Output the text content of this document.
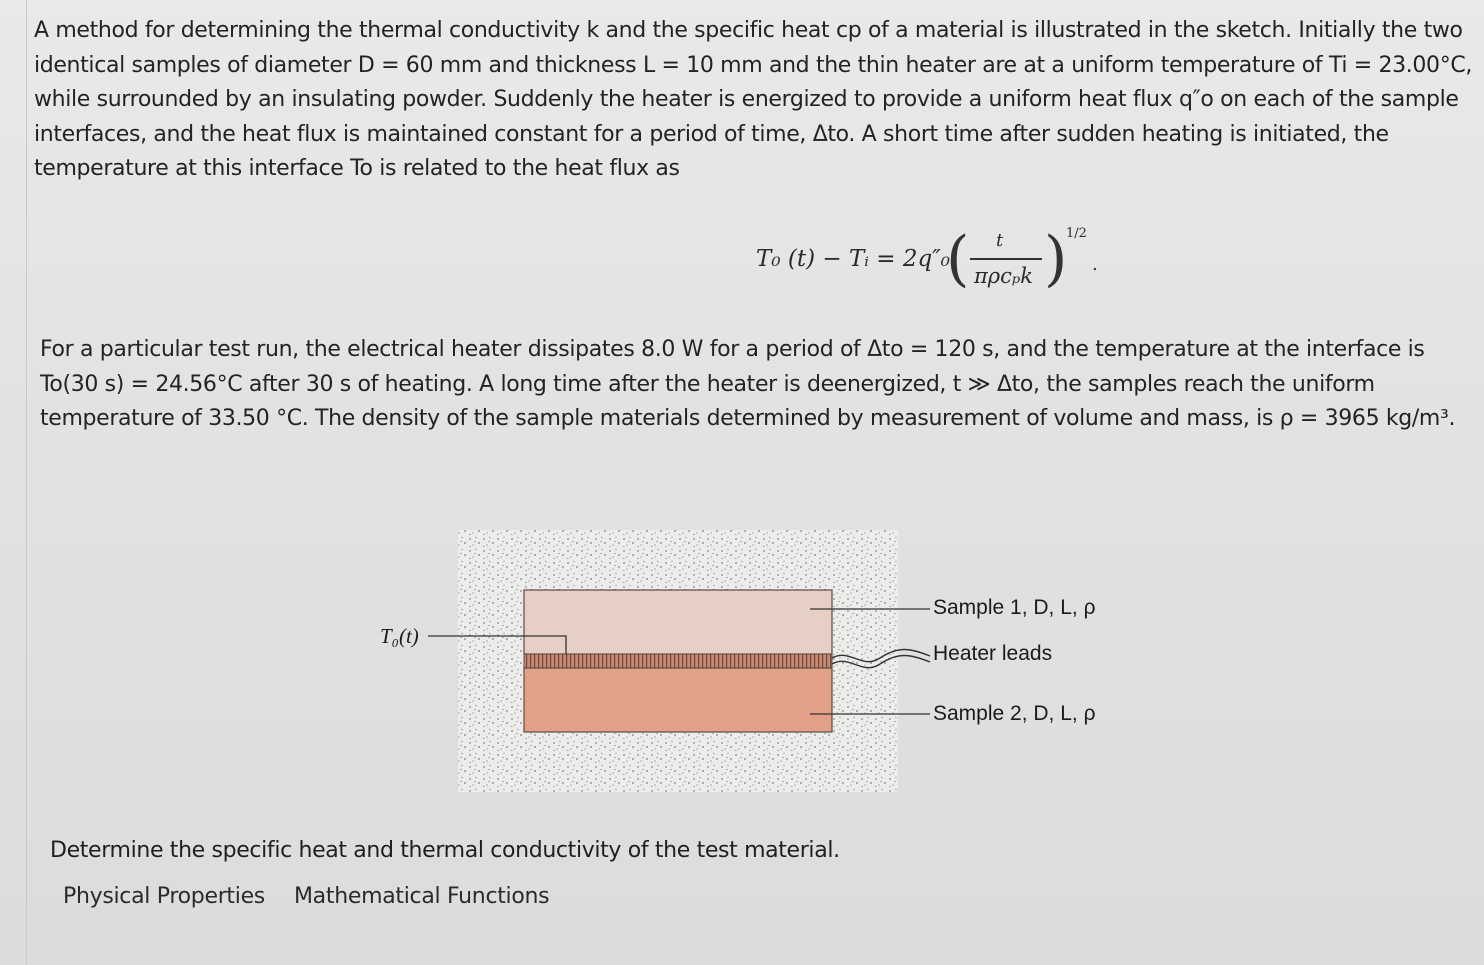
A method for determining the thermal conductivity k and the specific heat cp of a material is illustrated in the sketch. Initially the two identical samples of diameter D = 60 mm and thickness L = 10 mm and the thin heater are at a uniform temperature of Ti = 23.00°C, while surrounded by an insulating powder. Suddenly the heater is energized to provide a uniform heat flux q″o on each of the sample interfaces, and the heat flux is maintained constant for a period of time, Δto. A short time after sudden heating is initiated, the temperature at this interface To is related to the heat flux as

T₀ (t) − Tᵢ = 2q″₀
( t
πρcₚk )
1/2
.

For a particular test run, the electrical heater dissipates 8.0 W for a period of Δto = 120 s, and the temperature at the interface is To(30 s) = 24.56°C after 30 s of heating. A long time after the heater is deenergized, t ≫ Δto, the samples reach the uniform temperature of 33.50 °C. The density of the sample materials determined by measurement of volume and mass, is ρ = 3965 kg/m³.

T₀(t)
Sample 1, D, L, ρ
Heater leads
Sample 2, D, L, ρ

Determine the specific heat and thermal conductivity of the test material.

Physical Properties Mathematical Functions
